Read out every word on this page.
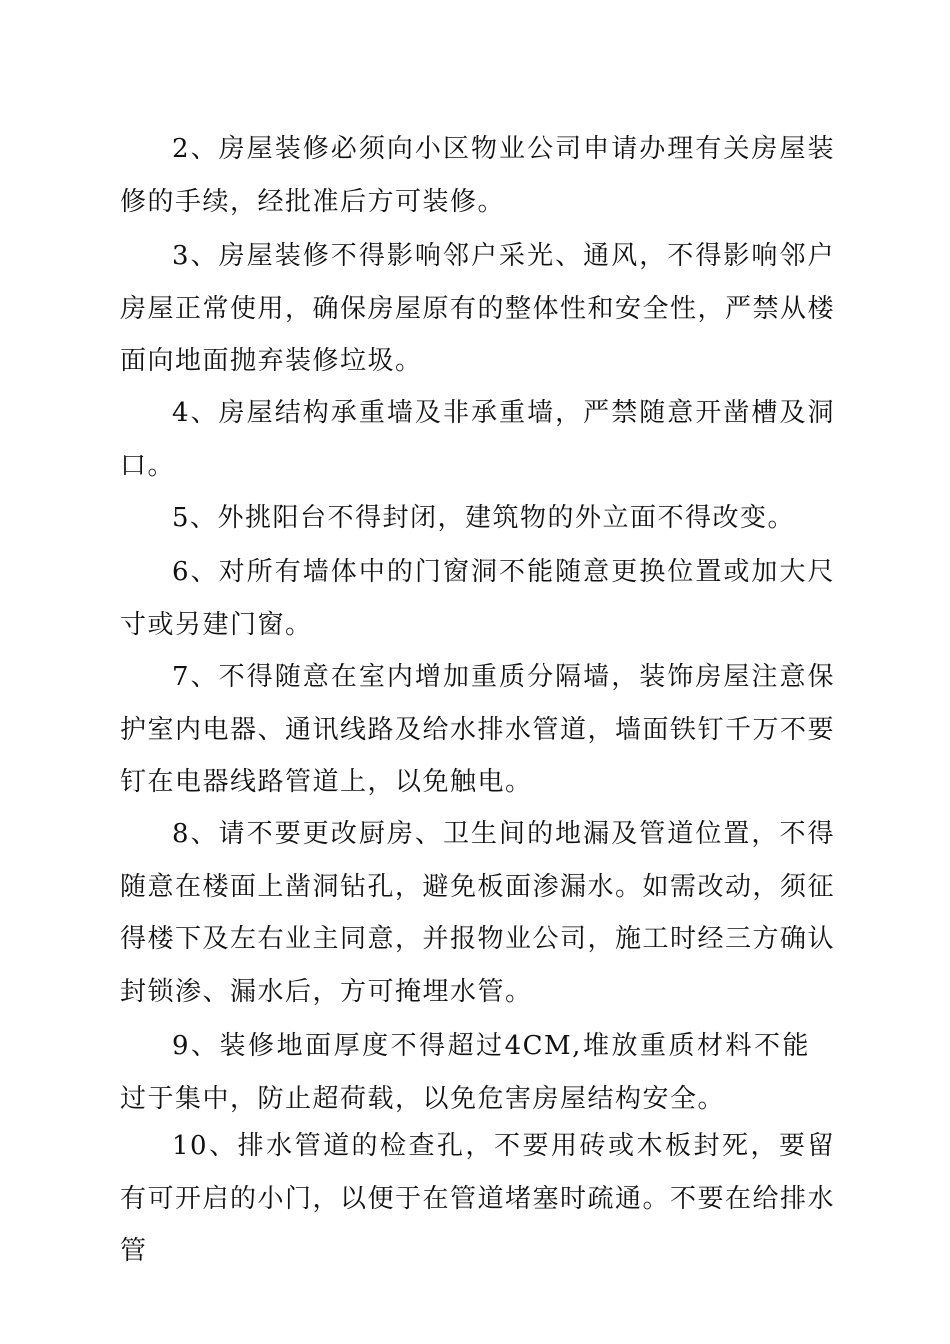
2、房屋装修必须向小区物业公司申请办理有关房屋装修的手续，经批准后方可装修。

3、房屋装修不得影响邻户采光、通风，不得影响邻户房屋正常使用，确保房屋原有的整体性和安全性，严禁从楼面向地面抛弃装修垃圾。

4、房屋结构承重墙及非承重墙，严禁随意开凿槽及洞口。

5、外挑阳台不得封闭，建筑物的外立面不得改变。

6、对所有墙体中的门窗洞不能随意更换位置或加大尺寸或另建门窗。

7、不得随意在室内增加重质分隔墙，装饰房屋注意保护室内电器、通讯线路及给水排水管道，墙面铁钉千万不要钉在电器线路管道上，以免触电。

8、请不要更改厨房、卫生间的地漏及管道位置，不得随意在楼面上凿洞钻孔，避免板面渗漏水。如需改动，须征得楼下及左右业主同意，并报物业公司，施工时经三方确认封锁渗、漏水后，方可掩埋水管。

9、装修地面厚度不得超过4CM,堆放重质材料不能过于集中，防止超荷载，以免危害房屋结构安全。

10、排水管道的检查孔，不要用砖或木板封死，要留有可开启的小门，以便于在管道堵塞时疏通。不要在给排水管
